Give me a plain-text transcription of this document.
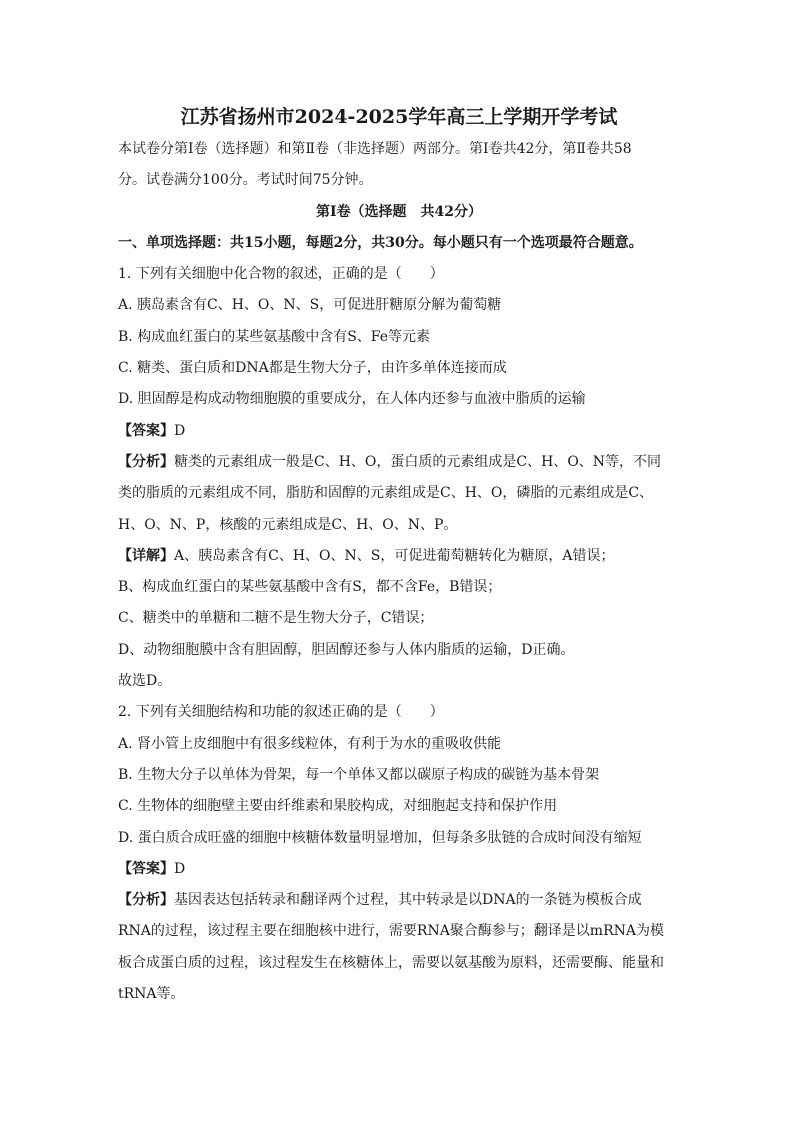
江苏省扬州市2024-2025学年高三上学期开学考试

本试卷分第Ⅰ卷（选择题）和第Ⅱ卷（非选择题）两部分。第Ⅰ卷共42分，第Ⅱ卷共58

分。试卷满分100分。考试时间75分钟。

第Ⅰ卷（选择题　共42分）

一、单项选择题：共15小题，每题2分，共30分。每小题只有一个选项最符合题意。

1. 下列有关细胞中化合物的叙述，正确的是（　　）

A. 胰岛素含有C、H、O、N、S，可促进肝糖原分解为葡萄糖

B. 构成血红蛋白的某些氨基酸中含有S、Fe等元素

C. 糖类、蛋白质和DNA都是生物大分子，由许多单体连接而成

D. 胆固醇是构成动物细胞膜的重要成分，在人体内还参与血液中脂质的运输

【答案】D

【分析】糖类的元素组成一般是C、H、O，蛋白质的元素组成是C、H、O、N等，不同

类的脂质的元素组成不同，脂肪和固醇的元素组成是C、H、O，磷脂的元素组成是C、

H、O、N、P，核酸的元素组成是C、H、O、N、P。

【详解】A、胰岛素含有C、H、O、N、S，可促进葡萄糖转化为糖原，A错误；

B、构成血红蛋白的某些氨基酸中含有S，都不含Fe，B错误；

C、糖类中的单糖和二糖不是生物大分子，C错误；

D、动物细胞膜中含有胆固醇，胆固醇还参与人体内脂质的运输，D正确。

故选D。

2. 下列有关细胞结构和功能的叙述正确的是（　　）

A. 肾小管上皮细胞中有很多线粒体，有利于为水的重吸收供能

B. 生物大分子以单体为骨架，每一个单体又都以碳原子构成的碳链为基本骨架

C. 生物体的细胞壁主要由纤维素和果胶构成，对细胞起支持和保护作用

D. 蛋白质合成旺盛的细胞中核糖体数量明显增加，但每条多肽链的合成时间没有缩短

【答案】D

【分析】基因表达包括转录和翻译两个过程，其中转录是以DNA的一条链为模板合成

RNA的过程，该过程主要在细胞核中进行，需要RNA聚合酶参与；翻译是以mRNA为模

板合成蛋白质的过程，该过程发生在核糖体上，需要以氨基酸为原料，还需要酶、能量和

tRNA等。
